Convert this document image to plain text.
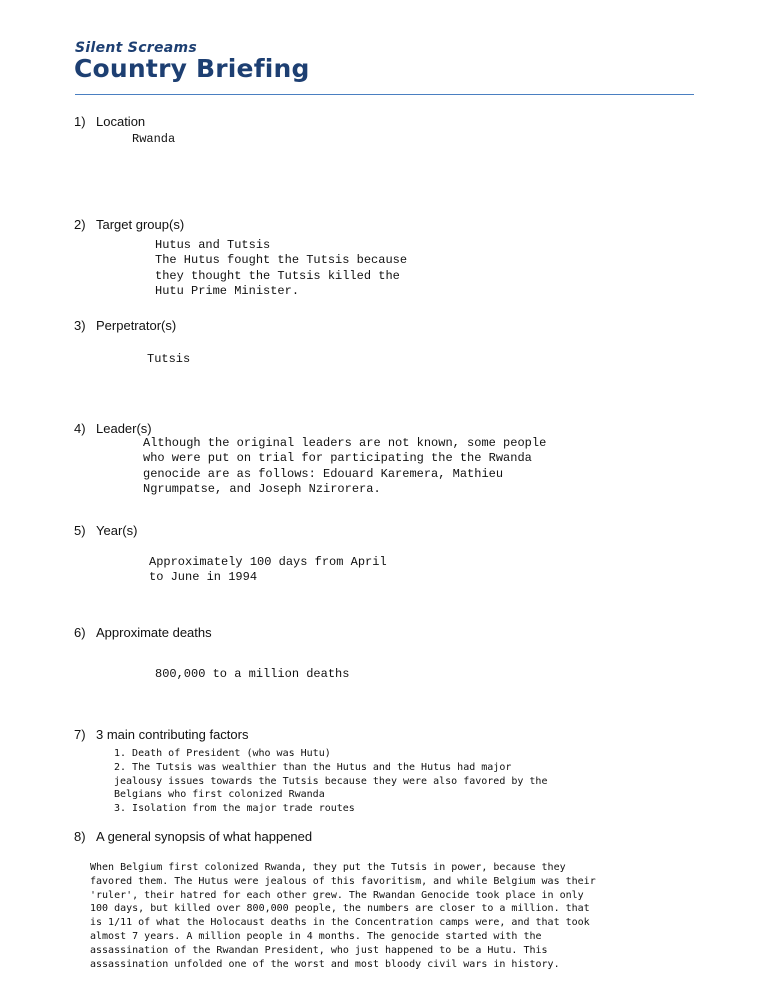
Silent Screams
Country Briefing
1) Location
Rwanda
2) Target group(s)
Hutus and Tutsis
The Hutus fought the Tutsis because
they thought the Tutsis killed the
Hutu Prime Minister.
3) Perpetrator(s)
Tutsis
4) Leader(s)
Although the original leaders are not known, some people
who were put on trial for participating the the Rwanda
genocide are as follows: Edouard Karemera, Mathieu
Ngrumpatse, and Joseph Nzirorera.
5) Year(s)
Approximately 100 days from April
to June in 1994
6) Approximate deaths
800,000 to a million deaths
7) 3 main contributing factors
1. Death of President (who was Hutu)
2. The Tutsis was wealthier than the Hutus and the Hutus had major
jealousy issues towards the Tutsis because they were also favored by the
Belgians who first colonized Rwanda
3. Isolation from the major trade routes
8) A general synopsis of what happened
When Belgium first colonized Rwanda, they put the Tutsis in power, because they
favored them. The Hutus were jealous of this favoritism, and while Belgium was their
'ruler', their hatred for each other grew. The Rwandan Genocide took place in only
100 days, but killed over 800,000 people, the numbers are closer to a million. that
is 1/11 of what the Holocaust deaths in the Concentration camps were, and that took
almost 7 years. A million people in 4 months. The genocide started with the
assassination of the Rwandan President, who just happened to be a Hutu. This
assassination unfolded one of the worst and most bloody civil wars in history.
